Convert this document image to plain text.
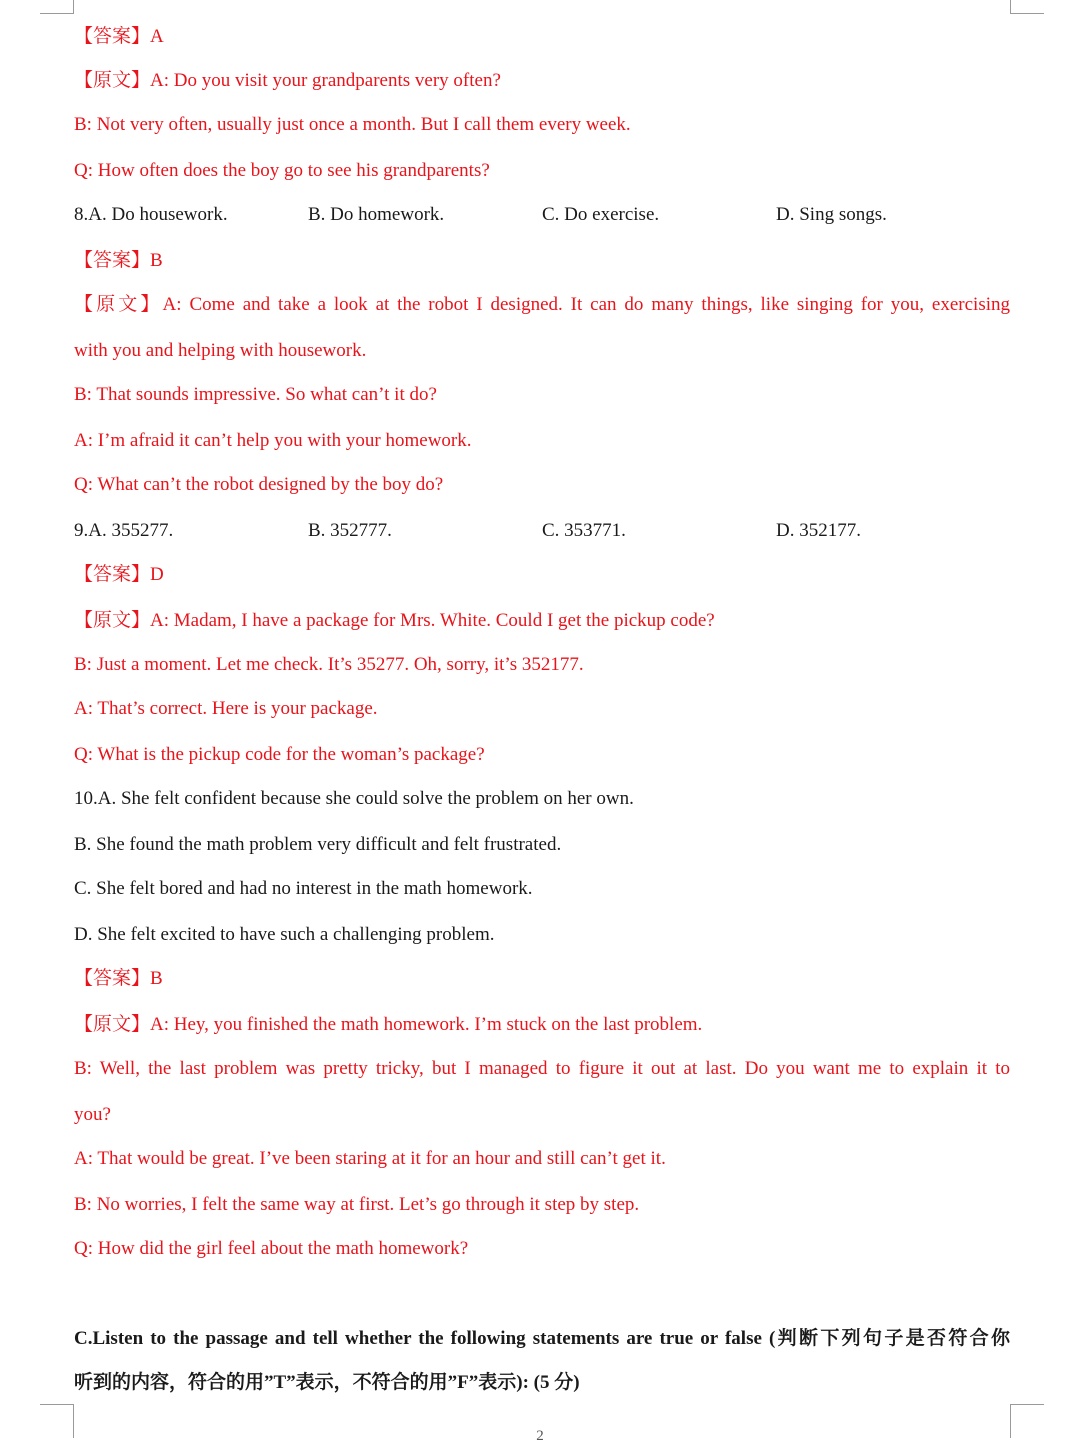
【答案】A
【原文】A: Do you visit your grandparents very often?
B: Not very often, usually just once a month. But I call them every week.
Q: How often does the boy go to see his grandparents?
8.A. Do housework.	B. Do homework.	C. Do exercise.	D. Sing songs.
【答案】B
【原文】A: Come and take a look at the robot I designed. It can do many things, like singing for you, exercising
with you and helping with housework.
B: That sounds impressive. So what can’t it do?
A: I’m afraid it can’t help you with your homework.
Q: What can’t the robot designed by the boy do?
9.A. 355277.	B. 352777.	C. 353771.	D. 352177.
【答案】D
【原文】A: Madam, I have a package for Mrs. White. Could I get the pickup code?
B: Just a moment. Let me check. It’s 35277. Oh, sorry, it’s 352177.
A: That’s correct. Here is your package.
Q: What is the pickup code for the woman’s package?
10.A. She felt confident because she could solve the problem on her own.
B. She found the math problem very difficult and felt frustrated.
C. She felt bored and had no interest in the math homework.
D. She felt excited to have such a challenging problem.
【答案】B
【原文】A: Hey, you finished the math homework. I’m stuck on the last problem.
B: Well, the last problem was pretty tricky, but I managed to figure it out at last. Do you want me to explain it to
you?
A: That would be great. I’ve been staring at it for an hour and still can’t get it.
B: No worries, I felt the same way at first. Let’s go through it step by step.
Q: How did the girl feel about the math homework?
C.Listen to the passage and tell whether the following statements are true or false (判断下列句子是否符合你
听到的内容，符合的用”T”表示，不符合的用”F”表示): (5 分)
2
